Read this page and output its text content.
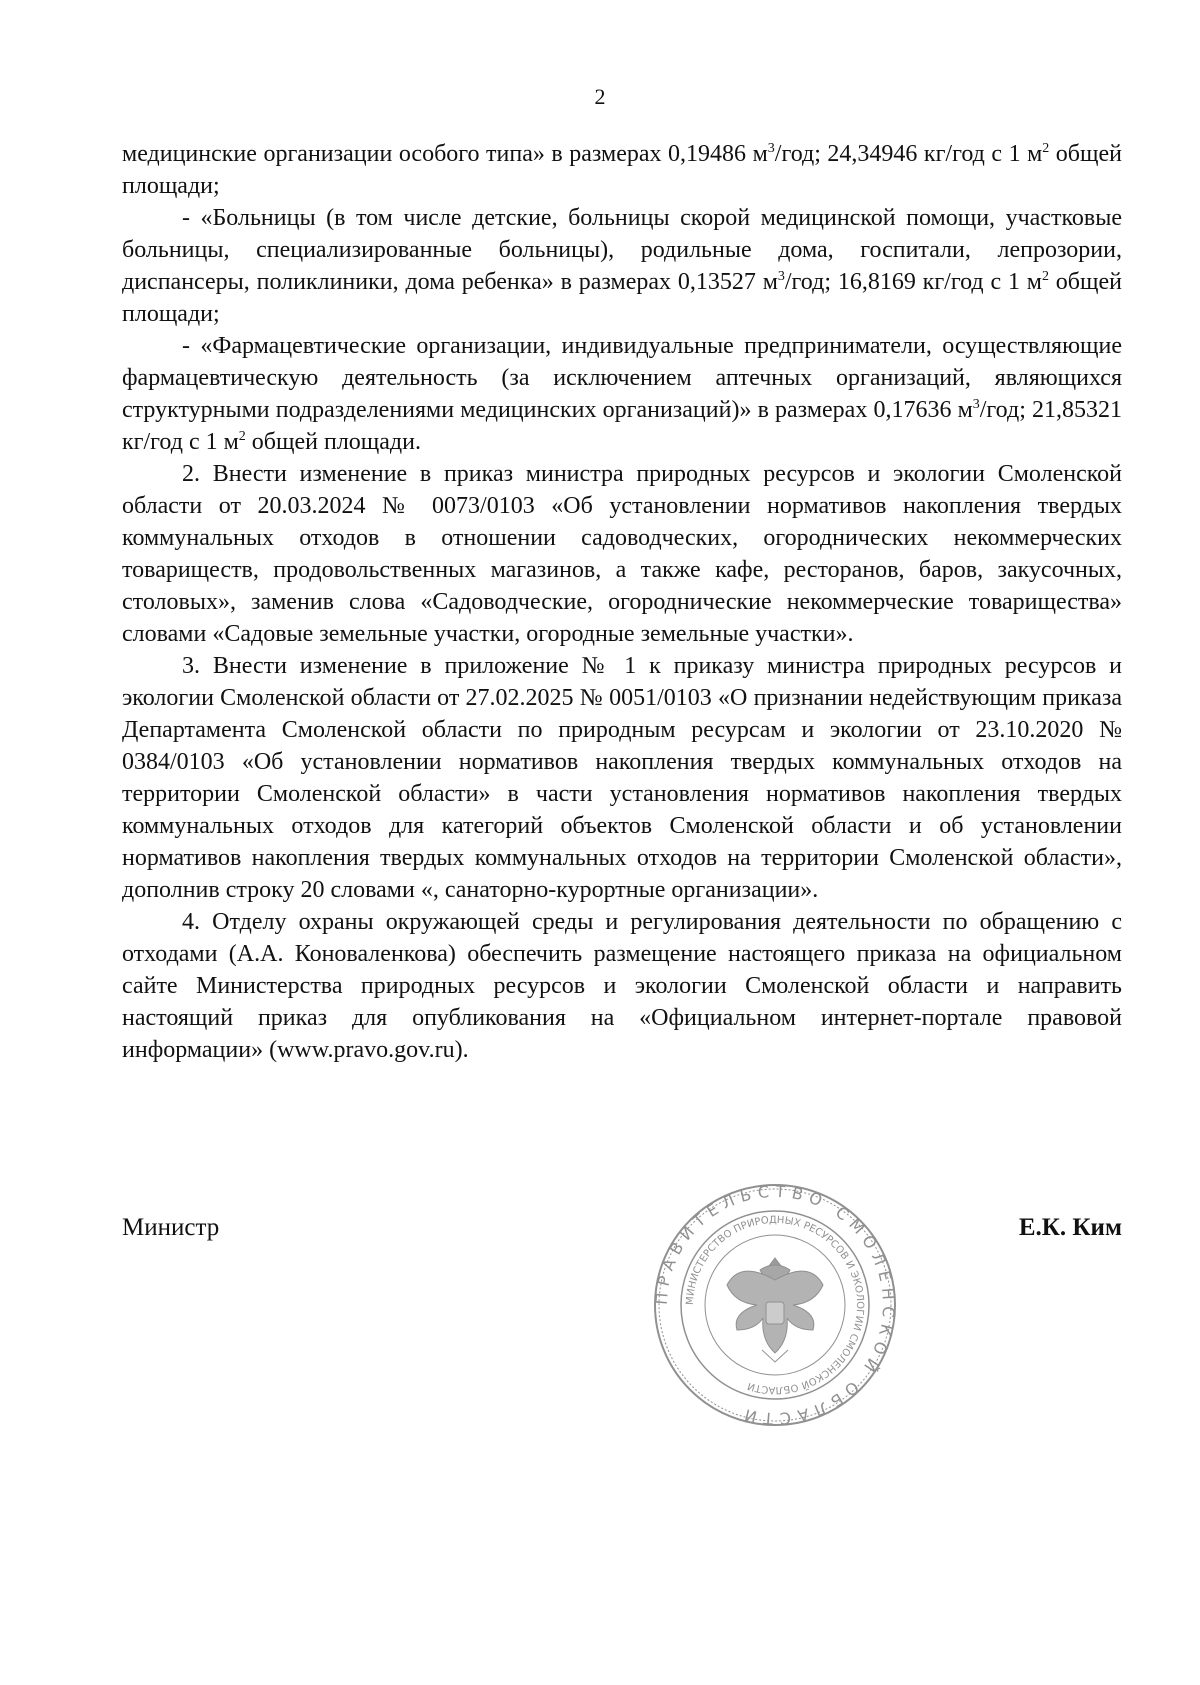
2

медицинские организации особого типа» в размерах 0,19486 $м^3$/год; 24,34946 кг/год с 1 $м^2$ общей площади;

- «Больницы (в том числе детские, больницы скорой медицинской помощи, участковые больницы, специализированные больницы), родильные дома, госпитали, лепрозории, диспансеры, поликлиники, дома ребенка» в размерах 0,13527 $м^3$/год; 16,8169 кг/год с 1 $м^2$ общей площади;

- «Фармацевтические организации, индивидуальные предприниматели, осуществляющие фармацевтическую деятельность (за исключением аптечных организаций, являющихся структурными подразделениями медицинских организаций)» в размерах 0,17636 $м^3$/год; 21,85321 кг/год с 1 $м^2$ общей площади.

2. Внести изменение в приказ министра природных ресурсов и экологии Смоленской области от 20.03.2024 № 0073/0103 «Об установлении нормативов накопления твердых коммунальных отходов в отношении садоводческих, огороднических некоммерческих товариществ, продовольственных магазинов, а также кафе, ресторанов, баров, закусочных, столовых», заменив слова «Садоводческие, огороднические некоммерческие товарищества» словами «Садовые земельные участки, огородные земельные участки».

3. Внести изменение в приложение № 1 к приказу министра природных ресурсов и экологии Смоленской области от 27.02.2025 № 0051/0103 «О признании недействующим приказа Департамента Смоленской области по природным ресурсам и экологии от 23.10.2020 № 0384/0103 «Об установлении нормативов накопления твердых коммунальных отходов на территории Смоленской области» в части установления нормативов накопления твердых коммунальных отходов для категорий объектов Смоленской области и об установлении нормативов накопления твердых коммунальных отходов на территории Смоленской области», дополнив строку 20 словами «, санаторно-курортные организации».

4. Отделу охраны окружающей среды и регулирования деятельности по обращению с отходами (А.А. Коноваленкова) обеспечить размещение настоящего приказа на официальном сайте Министерства природных ресурсов и экологии Смоленской области и направить настоящий приказ для опубликования на «Официальном интернет-портале правовой информации» (www.pravo.gov.ru).

Министр	Е.К. Ким
ПРАВИТЕЛЬСТВО СМОЛЕНСКОЙ ОБЛАСТИ
МИНИСТЕРСТВО ПРИРОДНЫХ РЕСУРСОВ И ЭКОЛОГИИ СМОЛЕНСКОЙ ОБЛАСТИ
